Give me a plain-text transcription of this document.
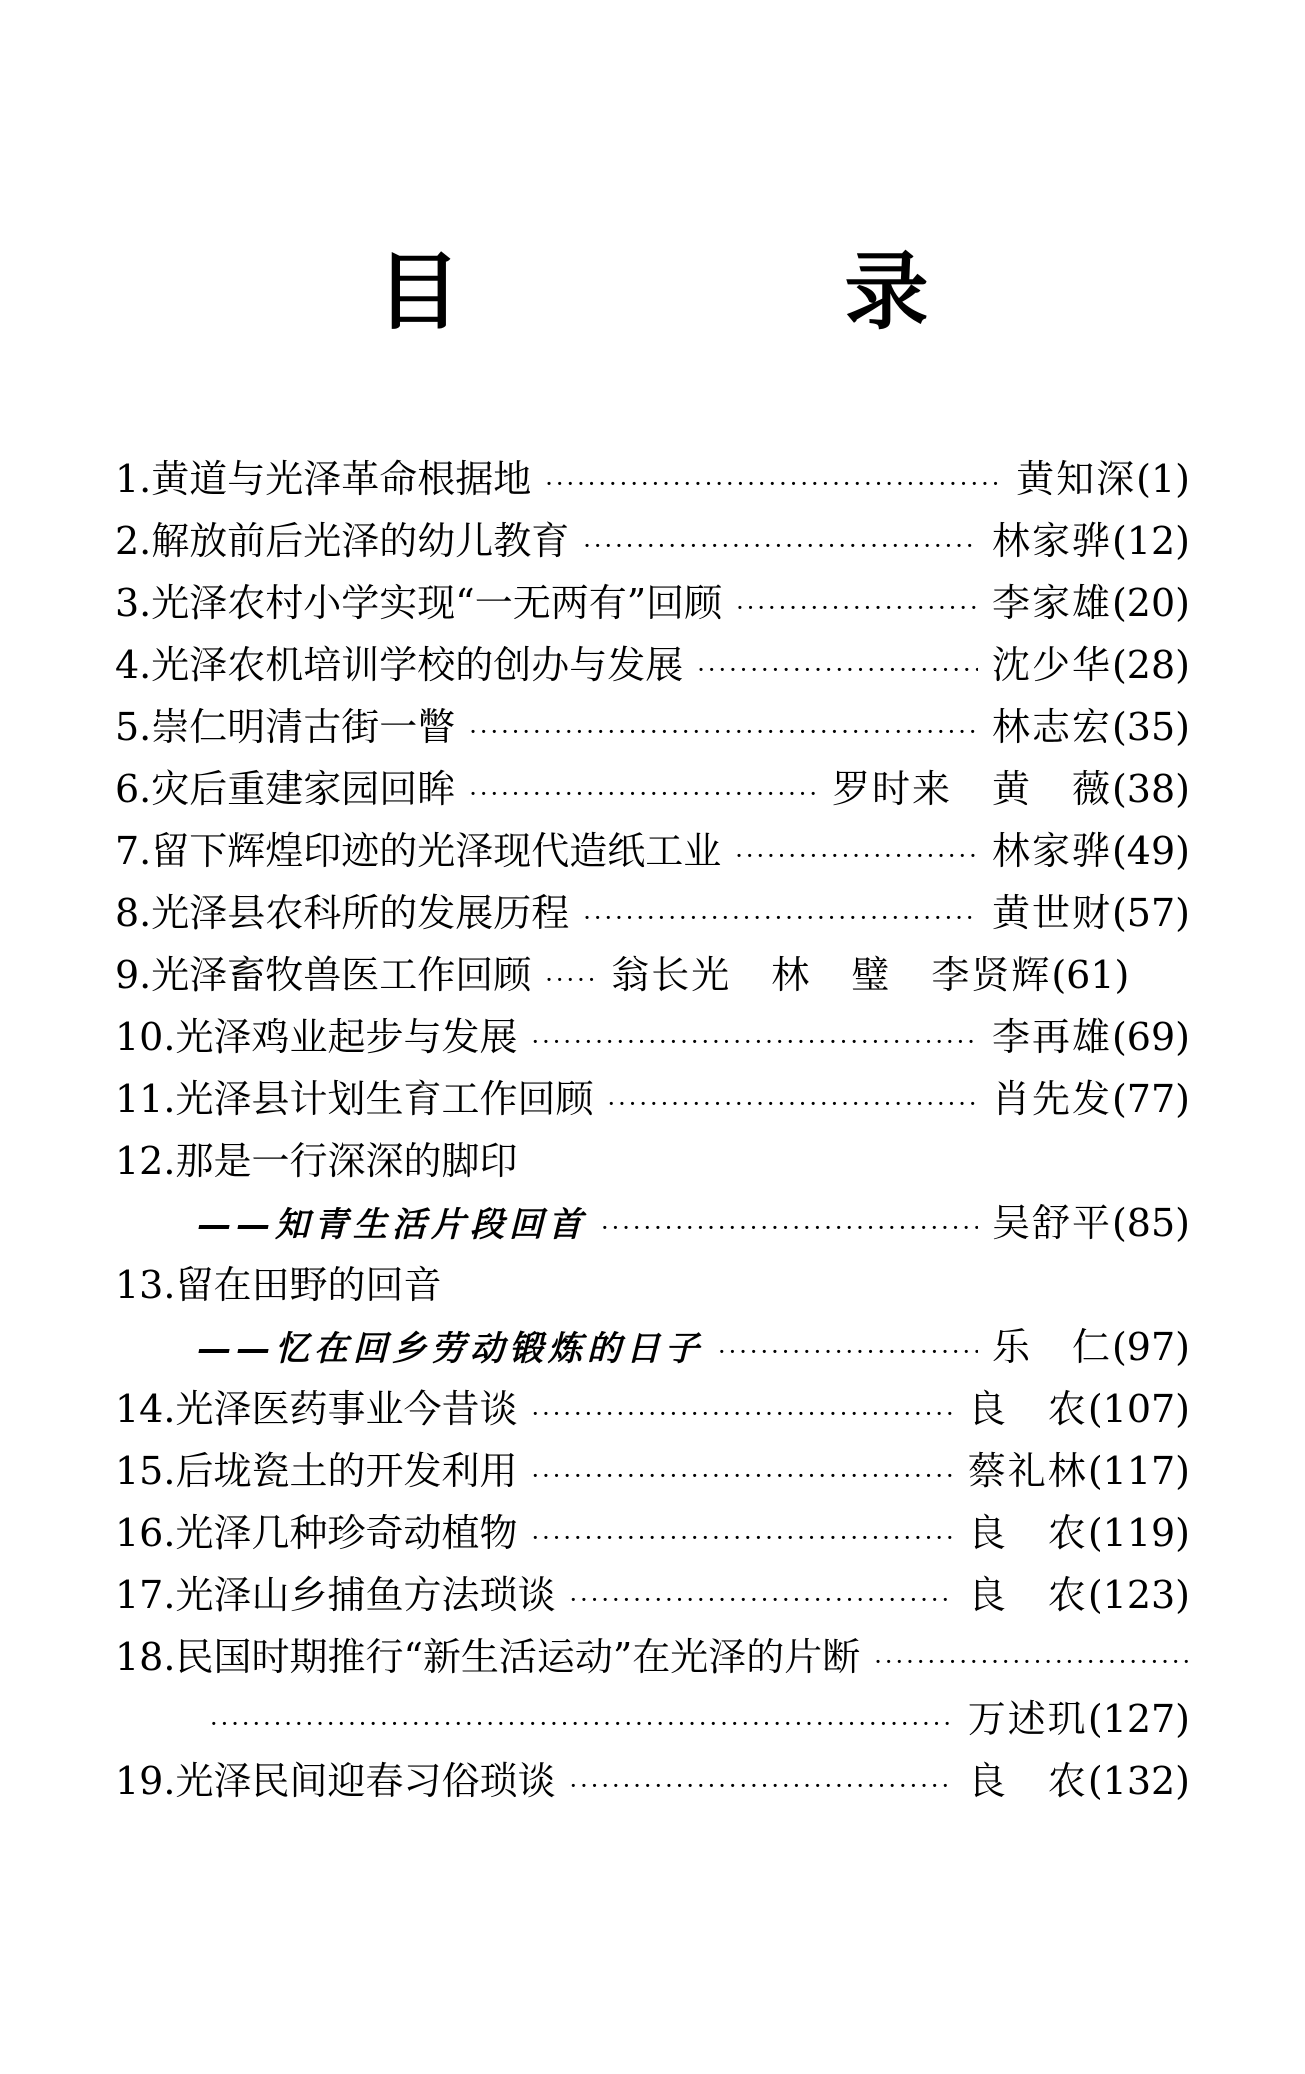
目　录
1. 黄道与光泽革命根据地 ·····	黄知深 (1)
2. 解放前后光泽的幼儿教育 ·····	林家骅 (12)
3. 光泽农村小学实现“一无两有”回顾 ·····	李家雄 (20)
4. 光泽农机培训学校的创办与发展 ·····	沈少华 (28)
5. 崇仁明清古街一瞥 ·····	林志宏 (35)
6. 灾后重建家园回眸 ·····	罗时来 黄　薇 (38)
7. 留下辉煌印迹的光泽现代造纸工业 ·····	林家骅 (49)
8. 光泽县农科所的发展历程 ·····	黄世财 (57)
9. 光泽畜牧兽医工作回顾 ····· 翁长光 林　璧 李贤辉 (61)
10. 光泽鸡业起步与发展 ·····	李再雄 (69)
11. 光泽县计划生育工作回顾 ·····	肖先发 (77)
12. 那是一行深深的脚印
——知青生活片段回首 ·····	吴舒平 (85)
13. 留在田野的回音
——忆在回乡劳动锻炼的日子 ·····	乐　仁 (97)
14. 光泽医药事业今昔谈 ·····	良　农 (107)
15. 后垅瓷土的开发利用 ·····	蔡礼林 (117)
16. 光泽几种珍奇动植物 ·····	良　农 (119)
17. 光泽山乡捕鱼方法琐谈 ·····	良　农 (123)
18. 民国时期推行“新生活运动”在光泽的片断
·····
·····
万述玑 (127)
19. 光泽民间迎春习俗琐谈 ·····	良　农 (132)
